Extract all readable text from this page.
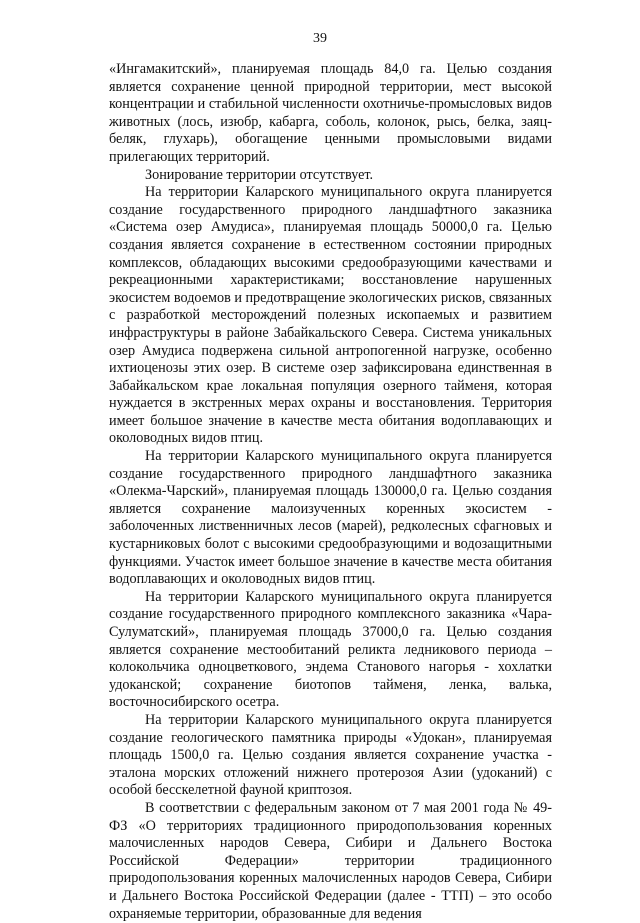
39

«Ингамакитский», планируемая площадь 84,0 га. Целью создания является сохранение ценной природной территории, мест высокой концентрации и стабильной численности охотничье-промысловых видов животных (лось, изюбр, кабарга, соболь, колонок, рысь, белка, заяц-беляк, глухарь), обогащение ценными промысловыми видами прилегающих территорий.

Зонирование территории отсутствует.

На территории Каларского муниципального округа планируется создание государственного природного ландшафтного заказника «Система озер Амудиса», планируемая площадь 50000,0 га. Целью создания является сохранение в естественном состоянии природных комплексов, обладающих высокими средообразующими качествами и рекреационными характеристиками; восстановление нарушенных экосистем водоемов и предотвращение экологических рисков, связанных с разработкой месторождений полезных ископаемых и развитием инфраструктуры в районе Забайкальского Севера. Система уникальных озер Амудиса подвержена сильной антропогенной нагрузке, особенно ихтиоценозы этих озер. В системе озер зафиксирована единственная в Забайкальском крае локальная популяция озерного тайменя, которая нуждается в экстренных мерах охраны и восстановления. Территория имеет большое значение в качестве места обитания водоплавающих и околоводных видов птиц.

На территории Каларского муниципального округа планируется создание государственного природного ландшафтного заказника «Олекма-Чарский», планируемая площадь 130000,0 га. Целью создания является сохранение малоизученных коренных экосистем - заболоченных лиственничных лесов (марей), редколесных сфагновых и кустарниковых болот с высокими средообразующими и водозащитными функциями. Участок имеет большое значение в качестве места обитания водоплавающих и околоводных видов птиц.

На территории Каларского муниципального округа планируется создание государственного природного комплексного заказника «Чара-Сулуматский», планируемая площадь 37000,0 га. Целью создания является сохранение местообитаний реликта ледникового периода – колокольчика одноцветкового, эндема Станового нагорья - хохлатки удоканской; сохранение биотопов тайменя, ленка, валька, восточносибирского осетра.

На территории Каларского муниципального округа планируется создание геологического памятника природы «Удокан», планируемая площадь 1500,0 га. Целью создания является сохранение участка - эталона морских отложений нижнего протерозоя Азии (удоканий) с особой бесскелетной фауной криптозоя.

В соответствии с федеральным законом от 7 мая 2001 года № 49-ФЗ «О территориях традиционного природопользования коренных малочисленных народов Севера, Сибири и Дальнего Востока Российской Федерации» территории традиционного природопользования коренных малочисленных народов Севера, Сибири и Дальнего Востока Российской Федерации (далее - ТТП) – это особо охраняемые территории, образованные для ведения
